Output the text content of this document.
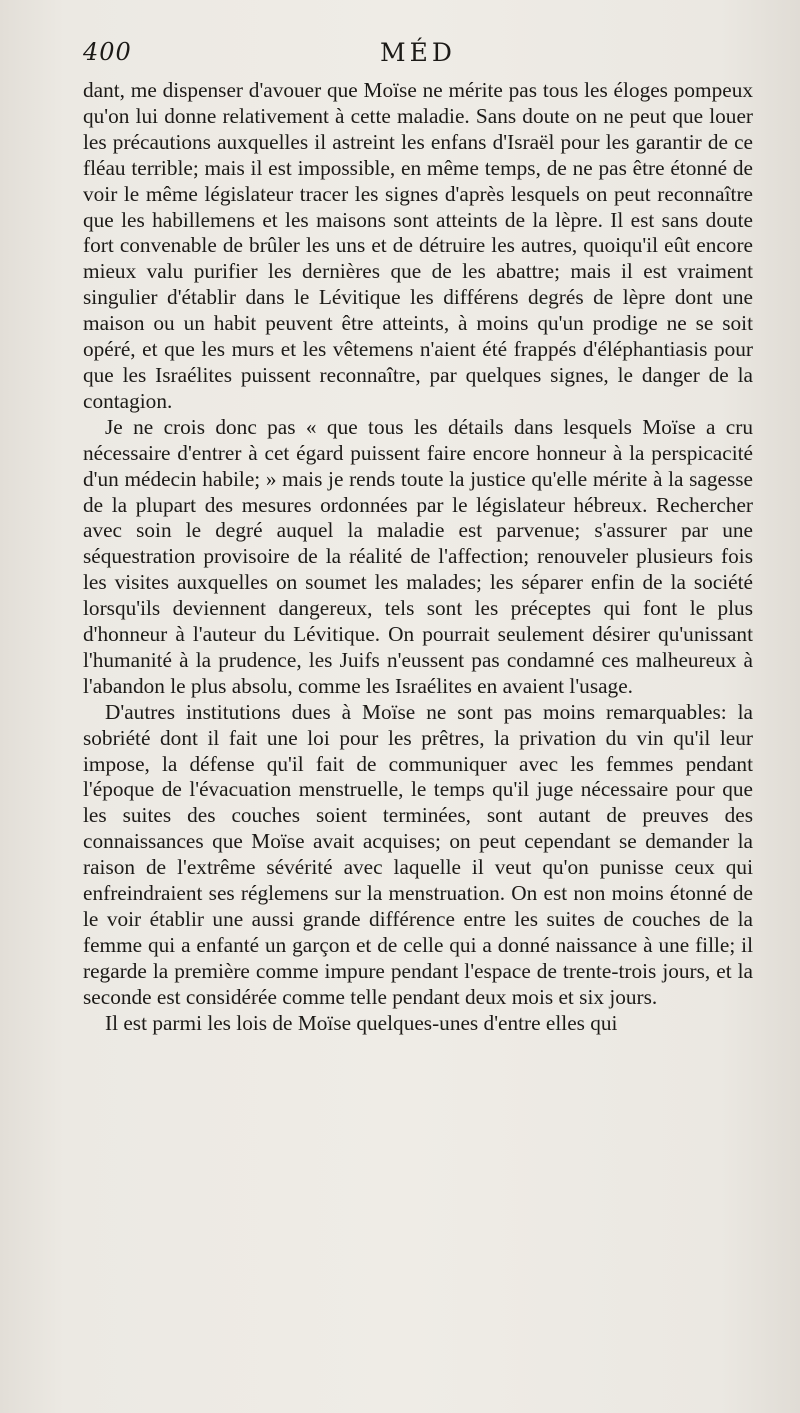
400	MÉD

dant, me dispenser d'avouer que Moïse ne mérite pas tous les éloges pompeux qu'on lui donne relativement à cette maladie. Sans doute on ne peut que louer les précautions auxquelles il astreint les enfans d'Israël pour les garantir de ce fléau terrible; mais il est impossible, en même temps, de ne pas être étonné de voir le même législateur tracer les signes d'après lesquels on peut reconnaître que les habillemens et les maisons sont atteints de la lèpre. Il est sans doute fort convenable de brûler les uns et de détruire les autres, quoiqu'il eût encore mieux valu purifier les dernières que de les abattre; mais il est vraiment singulier d'établir dans le Lévitique les différens degrés de lèpre dont une maison ou un habit peuvent être atteints, à moins qu'un prodige ne se soit opéré, et que les murs et les vêtemens n'aient été frappés d'éléphantiasis pour que les Israélites puissent reconnaître, par quelques signes, le danger de la contagion.

Je ne crois donc pas « que tous les détails dans lesquels Moïse a cru nécessaire d'entrer à cet égard puissent faire encore honneur à la perspicacité d'un médecin habile; » mais je rends toute la justice qu'elle mérite à la sagesse de la plupart des mesures ordonnées par le législateur hébreux. Rechercher avec soin le degré auquel la maladie est parvenue; s'assurer par une séquestration provisoire de la réalité de l'affection; renouveler plusieurs fois les visites auxquelles on soumet les malades; les séparer enfin de la société lorsqu'ils deviennent dangereux, tels sont les préceptes qui font le plus d'honneur à l'auteur du Lévitique. On pourrait seulement désirer qu'unissant l'humanité à la prudence, les Juifs n'eussent pas condamné ces malheureux à l'abandon le plus absolu, comme les Israélites en avaient l'usage.

D'autres institutions dues à Moïse ne sont pas moins remarquables: la sobriété dont il fait une loi pour les prêtres, la privation du vin qu'il leur impose, la défense qu'il fait de communiquer avec les femmes pendant l'époque de l'évacuation menstruelle, le temps qu'il juge nécessaire pour que les suites des couches soient terminées, sont autant de preuves des connaissances que Moïse avait acquises; on peut cependant se demander la raison de l'extrême sévérité avec laquelle il veut qu'on punisse ceux qui enfreindraient ses réglemens sur la menstruation. On est non moins étonné de le voir établir une aussi grande différence entre les suites de couches de la femme qui a enfanté un garçon et de celle qui a donné naissance à une fille; il regarde la première comme impure pendant l'espace de trente-trois jours, et la seconde est considérée comme telle pendant deux mois et six jours.

Il est parmi les lois de Moïse quelques-unes d'entre elles qui
